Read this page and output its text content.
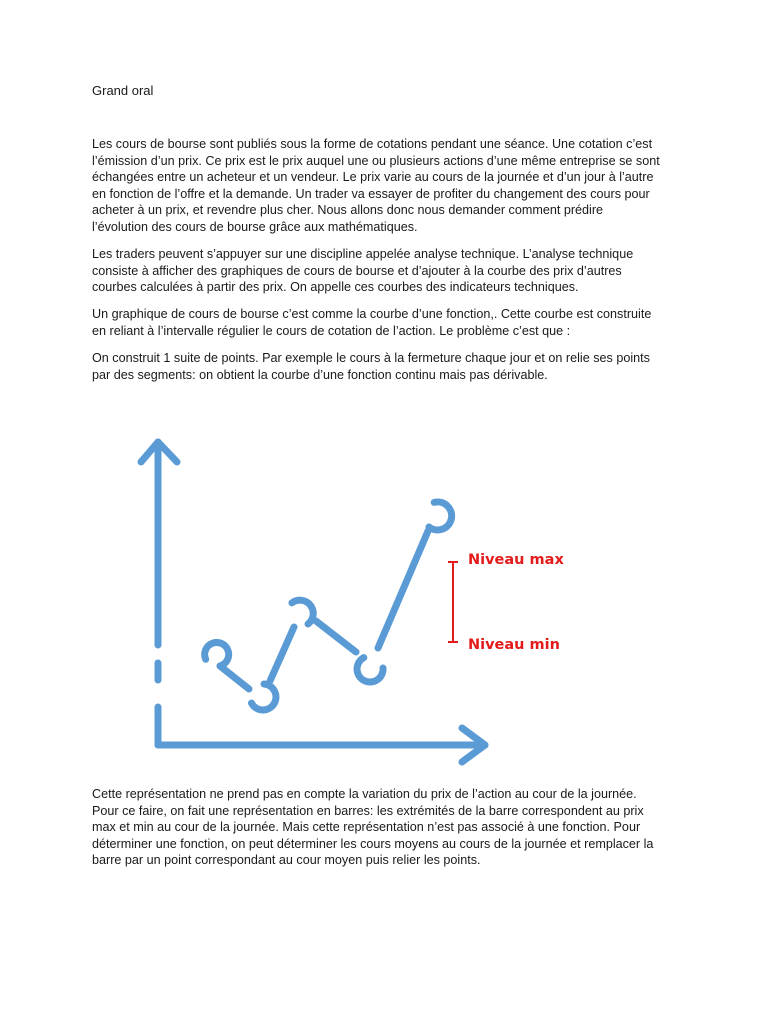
Grand oral

Les cours de bourse sont publiés sous la forme de cotations pendant une séance. Une cotation c’est
l’émission d’un prix. Ce prix est le prix auquel une ou plusieurs actions d’une même entreprise se sont
échangées entre un acheteur et un vendeur. Le prix varie au cours de la journée et d’un jour à l’autre
en fonction de l’offre et la demande. Un trader va essayer de profiter du changement des cours pour
acheter à un prix, et revendre plus cher. Nous allons donc nous demander comment prédire
l’évolution des cours de bourse grâce aux mathématiques.

Les traders peuvent s’appuyer sur une discipline appelée analyse technique. L’analyse technique
consiste à afficher des graphiques de cours de bourse et d’ajouter à la courbe des prix d’autres
courbes calculées à partir des prix. On appelle ces courbes des indicateurs techniques.

Un graphique de cours de bourse c’est comme la courbe d’une fonction,. Cette courbe est construite
en reliant à l’intervalle régulier le cours de cotation de l’action. Le problème c’est que :

On construit 1 suite de points. Par exemple le cours à la fermeture chaque jour et on relie ses points
par des segments: on obtient la courbe d’une fonction continu mais pas dérivable.

Niveau max
Niveau min

Cette représentation ne prend pas en compte la variation du prix de l’action au cour de la journée.
Pour ce faire, on fait une représentation en barres: les extrémités de la barre correspondent au prix
max et min au cour de la journée. Mais cette représentation n’est pas associé à une fonction. Pour
déterminer une fonction, on peut déterminer les cours moyens au cours de la journée et remplacer la
barre par un point correspondant au cour moyen puis relier les points.
